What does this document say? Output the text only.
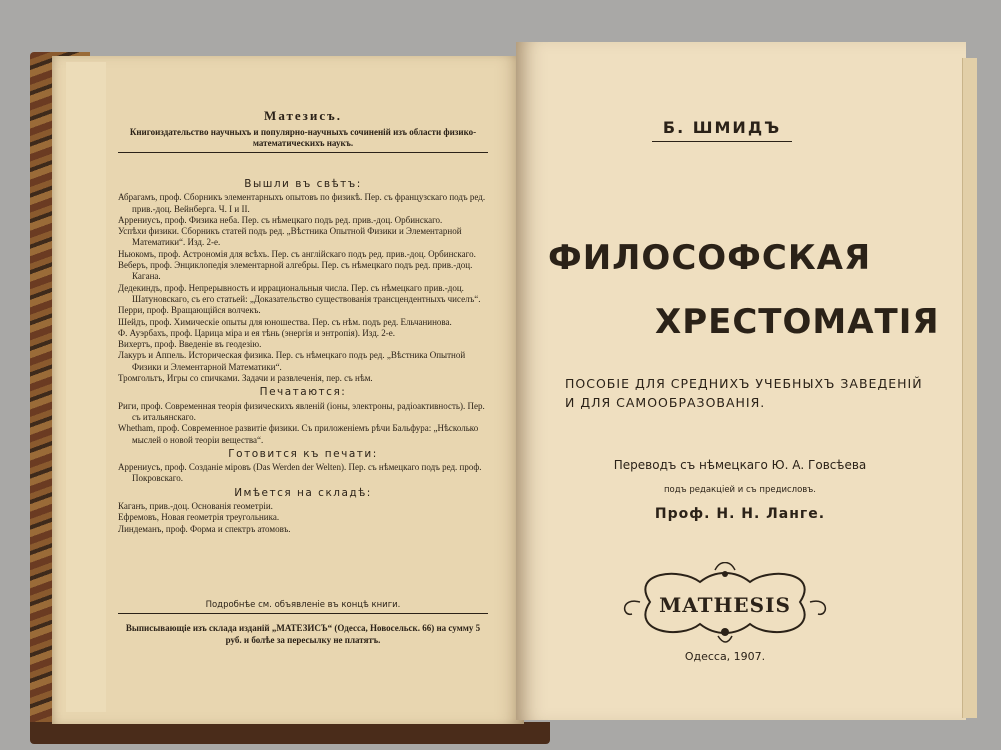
Матезисъ.
Книгоиздательство научныхъ и популярно-научныхъ сочиненій изъ области физико-математическихъ наукъ.
Вышли въ свѣтъ:

Абрагамъ, проф. Сборникъ элементарныхъ опытовъ по физикѣ. Пер. съ французскаго подъ ред. прив.-доц. Вейнберга. Ч. I и II.

Аррениусъ, проф. Физика неба. Пер. съ нѣмецкаго подъ ред. прив.-доц. Орбинскаго.

Успѣхи физики. Сборникъ статей подъ ред. „Вѣстника Опытной Физики и Элементарной Математики“. Изд. 2-е.

Ньюкомъ, проф. Астрономія для всѣхъ. Пер. съ англійскаго подъ ред. прив.-доц. Орбинскаго.

Веберъ, проф. Энциклопедія элементарной алгебры. Пер. съ нѣмецкаго подъ ред. прив.-доц. Кагана.

Дедекиндъ, проф. Непрерывность и иррациональныя числа. Пер. съ нѣмецкаго прив.-доц. Шатуновскаго, съ его статьей: „Доказательство существованія трансцендентныхъ чиселъ“.

Перри, проф. Вращающійся волчекъ.

Шейдъ, проф. Химическіе опыты для юношества. Пер. съ нѣм. подъ ред. Ельчанинова.

Ф. Ауэрбахъ, проф. Царица міра и ея тѣнь (энергія и энтропія). Изд. 2-е.

Вихертъ, проф. Введеніе въ геодезію.

Лакуръ и Аппель. Историческая физика. Пер. съ нѣмецкаго подъ ред. „Вѣстника Опытной Физики и Элементарной Математики“.

Тромгольтъ, Игры со спичками. Задачи и развлеченія, пер. съ нѣм.

Печатаются:

Риги, проф. Современная теорія физическихъ явленій (іоны, электроны, радіоактивность). Пер. съ итальянскаго.

Whetham, проф. Современное развитіе физики. Съ приложеніемъ рѣчи Бальфура: „Нѣсколько мыслей о новой теоріи вещества“.

Готовится къ печати:

Аррениусъ, проф. Созданіе міровъ (Das Werden der Welten). Пер. съ нѣмецкаго подъ ред. проф. Покровскаго.

Имѣется на складѣ:

Каганъ, прив.-доц. Основанія геометріи.

Ефремовъ, Новая геометрія треугольника.

Линдеманъ, проф. Форма и спектръ атомовъ.

Подробнѣе см. объявленіе въ концѣ книги.
Выписывающіе изъ склада изданій „МАТЕЗИСЪ“ (Одесса, Новосельск. 66) на сумму 5 руб. и болѣе за пересылку не платятъ.
Б. ШМИДЪ
ФИЛОСОФСКАЯ
ХРЕСТОМАТІЯ
ПОСОБІЕ ДЛЯ СРЕДНИХЪ УЧЕБНЫХЪ ЗАВЕДЕНІЙ
И ДЛЯ САМООБРАЗОВАНІЯ.
Переводъ съ нѣмецкаго Ю. А. Говсѣева
подъ редакціей и съ предисловъ.
Проф. Н. Н. Ланге.
MATHESIS
Одесса, 1907.
